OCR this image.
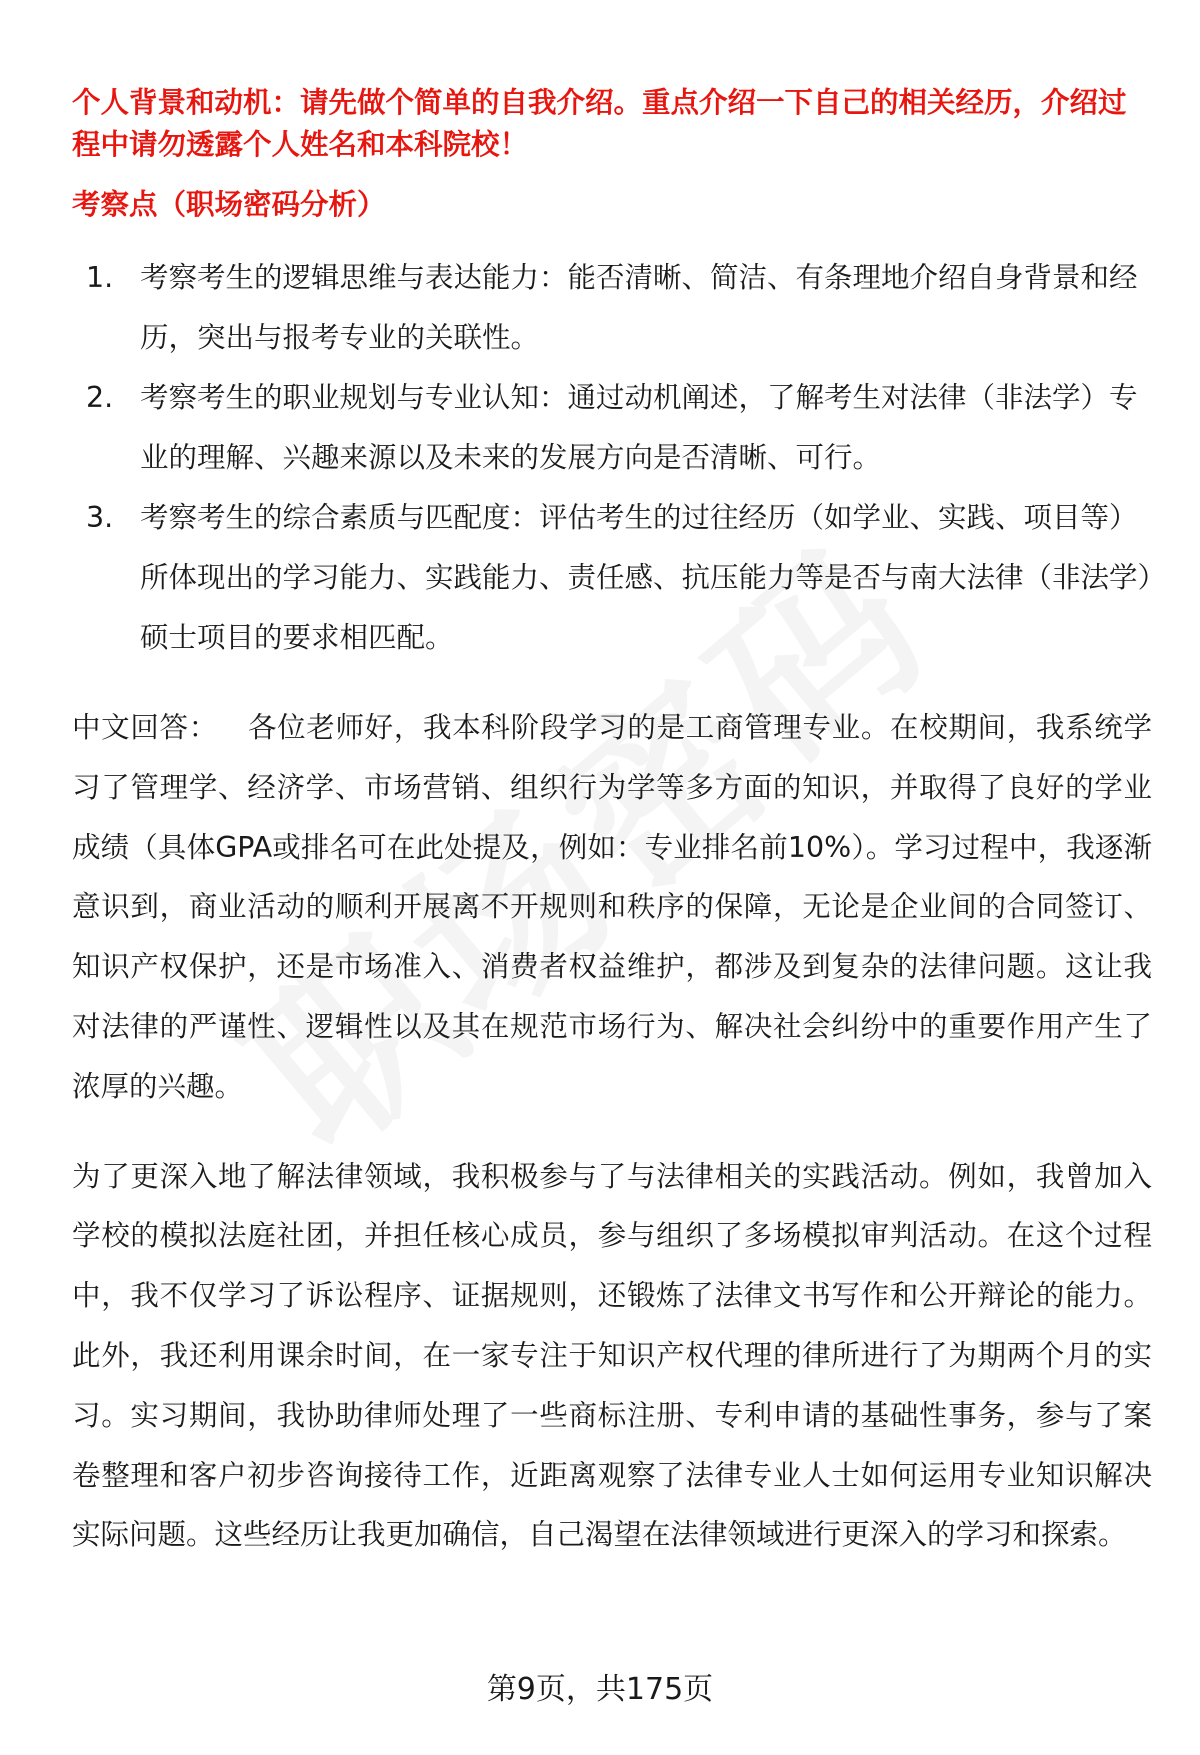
个人背景和动机：请先做个简单的自我介绍。重点介绍一下自己的相关经历，介绍过程中请勿透露个人姓名和本科院校！

考察点（职场密码分析）

1. 考察考生的逻辑思维与表达能力：能否清晰、简洁、有条理地介绍自身背景和经历，突出与报考专业的关联性。
2. 考察考生的职业规划与专业认知：通过动机阐述，了解考生对法律（非法学）专业的理解、兴趣来源以及未来的发展方向是否清晰、可行。
3. 考察考生的综合素质与匹配度：评估考生的过往经历（如学业、实践、项目等）所体现出的学习能力、实践能力、责任感、抗压能力等是否与南大法律（非法学）硕士项目的要求相匹配。

中文回答： 各位老师好，我本科阶段学习的是工商管理专业。在校期间，我系统学习了管理学、经济学、市场营销、组织行为学等多方面的知识，并取得了良好的学业成绩（具体GPA或排名可在此处提及，例如：专业排名前10%）。学习过程中，我逐渐意识到，商业活动的顺利开展离不开规则和秩序的保障，无论是企业间的合同签订、知识产权保护，还是市场准入、消费者权益维护，都涉及到复杂的法律问题。这让我对法律的严谨性、逻辑性以及其在规范市场行为、解决社会纠纷中的重要作用产生了浓厚的兴趣。

为了更深入地了解法律领域，我积极参与了与法律相关的实践活动。例如，我曾加入学校的模拟法庭社团，并担任核心成员，参与组织了多场模拟审判活动。在这个过程中，我不仅学习了诉讼程序、证据规则，还锻炼了法律文书写作和公开辩论的能力。此外，我还利用课余时间，在一家专注于知识产权代理的律所进行了为期两个月的实习。实习期间，我协助律师处理了一些商标注册、专利申请的基础性事务，参与了案卷整理和客户初步咨询接待工作，近距离观察了法律专业人士如何运用专业知识解决实际问题。这些经历让我更加确信，自己渴望在法律领域进行更深入的学习和探索。

第9页，共175页
